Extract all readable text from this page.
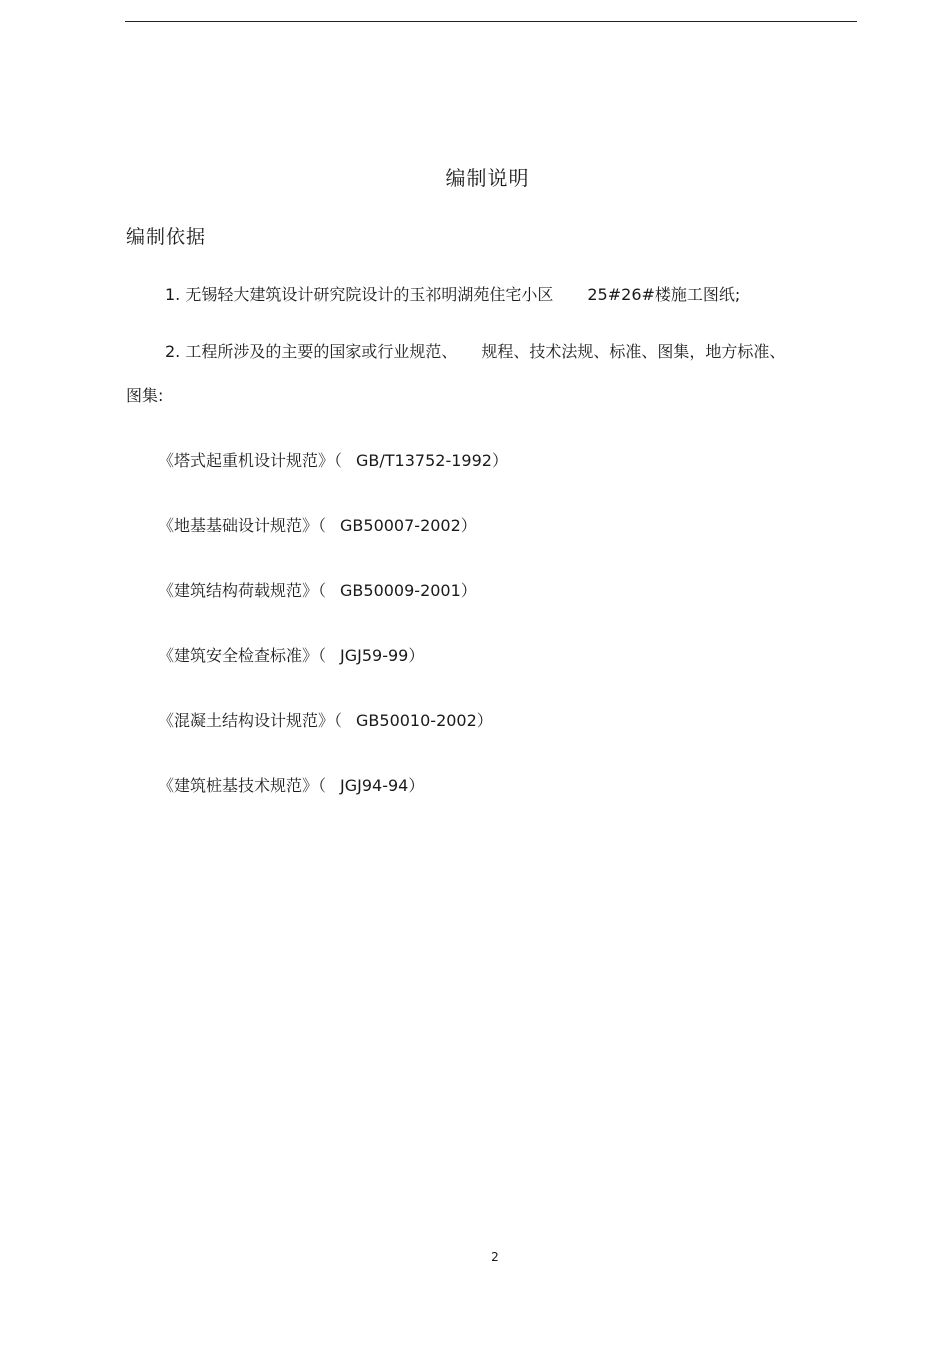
编制说明
编制依据
1. 无锡轻大建筑设计研究院设计的玉祁明湖苑住宅小区 25#26#楼施工图纸;
2. 工程所涉及的主要的国家或行业规范、 规程、技术法规、标准、图集，地方标准、
图集:
《塔式起重机设计规范》（ GB/T13752-1992）
《地基基础设计规范》（ GB50007-2002）
《建筑结构荷载规范》（ GB50009-2001）
《建筑安全检查标准》（ JGJ59-99）
《混凝土结构设计规范》（ GB50010-2002）
《建筑桩基技术规范》（ JGJ94-94）
2
